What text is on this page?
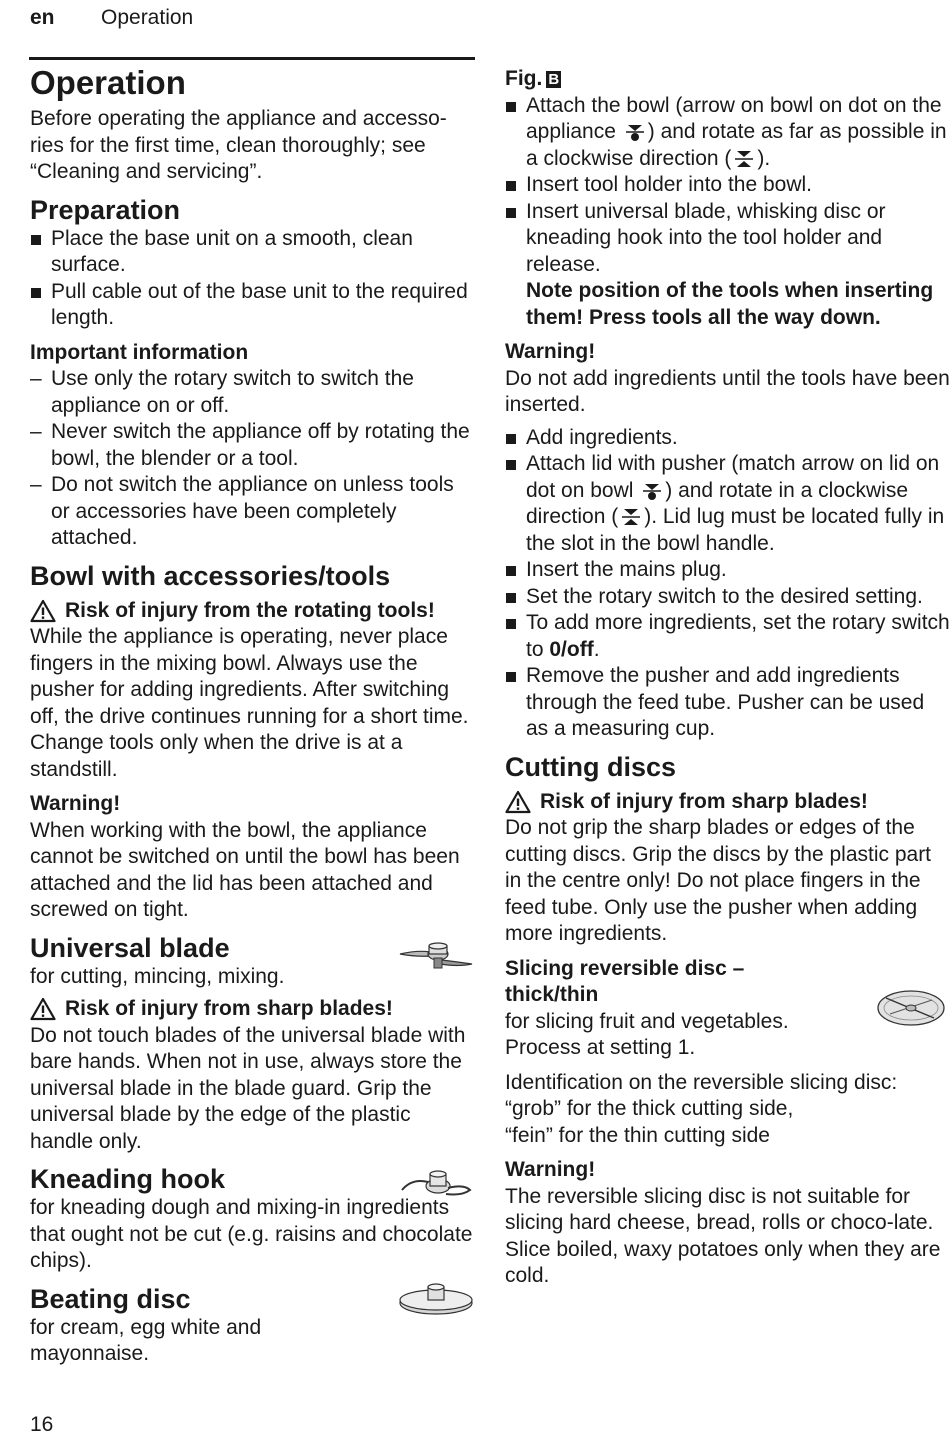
en Operation
Operation

Before operating the appliance and accesso-ries for the first time, clean thoroughly; see “Cleaning and servicing”.

Preparation
Place the base unit on a smooth, clean surface.
Pull cable out of the base unit to the required length.

Important information

– Use only the rotary switch to switch the appliance on or off.
– Never switch the appliance off by rotating the bowl, the blender or a tool.
– Do not switch the appliance on unless tools or accessories have been completely attached.
Bowl with accessories/tools
Risk of injury from the rotating tools!

While the appliance is operating, never place fingers in the mixing bowl. Always use the pusher for adding ingredients. After switching off, the drive continues running for a short time. Change tools only when the drive is at a standstill.

Warning!

When working with the bowl, the appliance cannot be switched on until the bowl has been attached and the lid has been attached and screwed on tight.

Universal blade

for cutting, mincing, mixing.

Risk of injury from sharp blades!

Do not touch blades of the universal blade with bare hands. When not in use, always store the universal blade in the blade guard. Grip the universal blade by the edge of the plastic handle only.

Kneading hook

for kneading dough and mixing-in ingredients that ought not be cut (e.g. raisins and chocolate chips).

Beating disc

for cream, egg white and mayonnaise.

Fig. B
Attach the bowl (arrow on bowl on dot on the appliance ) and rotate as far as possible in a clockwise direction ( ).
Insert tool holder into the bowl.
Insert universal blade, whisking disc or kneading hook into the tool holder and release.
Note position of the tools when inserting them! Press tools all the way down.

Warning!

Do not add ingredients until the tools have been inserted.

Add ingredients.
Attach lid with pusher (match arrow on lid on dot on bowl ) and rotate in a clockwise direction ( ). Lid lug must be located fully in the slot in the bowl handle.
Insert the mains plug.
Set the rotary switch to the desired setting.
To add more ingredients, set the rotary switch to 0/off.
Remove the pusher and add ingredients through the feed tube. Pusher can be used as a measuring cup.
Cutting discs
Risk of injury from sharp blades!

Do not grip the sharp blades or edges of the cutting discs. Grip the discs by the plastic part in the centre only! Do not place fingers in the feed tube. Only use the pusher when adding more ingredients.

Slicing reversible disc – thick/thin

for slicing fruit and vegetables.

Process at setting 1.

Identification on the reversible slicing disc:

“grob” for the thick cutting side,

“fein” for the thin cutting side

Warning!

The reversible slicing disc is not suitable for slicing hard cheese, bread, rolls or choco-late. Slice boiled, waxy potatoes only when they are cold.

16
